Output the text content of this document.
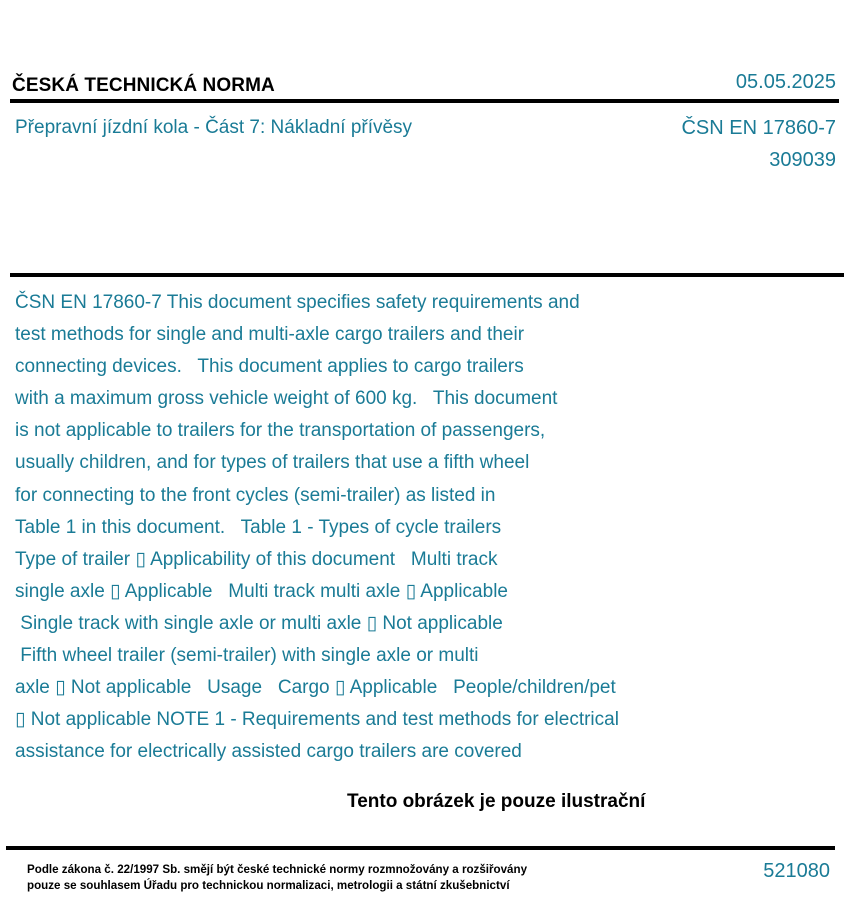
ČESKÁ TECHNICKÁ NORMA	05.05.2025
Přepravní jízdní kola - Část 7: Nákladní přívěsy	ČSN EN 17860-7
309039
ČSN EN 17860-7 This document specifies safety requirements and
test methods for single and multi-axle cargo trailers and their
connecting devices.   This document applies to cargo trailers
with a maximum gross vehicle weight of 600 kg.   This document
is not applicable to trailers for the transportation of passengers,
usually children, and for types of trailers that use a fifth wheel
for connecting to the front cycles (semi-trailer) as listed in
Table 1 in this document.   Table 1 - Types of cycle trailers
Type of trailer ▯ Applicability of this document   Multi track
single axle ▯ Applicable   Multi track multi axle ▯ Applicable
Single track with single axle or multi axle ▯ Not applicable
Fifth wheel trailer (semi-trailer) with single axle or multi
axle ▯ Not applicable   Usage   Cargo ▯ Applicable   People/children/pet
▯ Not applicable NOTE 1 - Requirements and test methods for electrical
assistance for electrically assisted cargo trailers are covered
Tento obrázek je pouze ilustrační
Podle zákona č. 22/1997 Sb. smějí být české technické normy rozmnožovány a rozšiřovány
pouze se souhlasem Úřadu pro technickou normalizaci, metrologii a státní zkušebnictví
521080
